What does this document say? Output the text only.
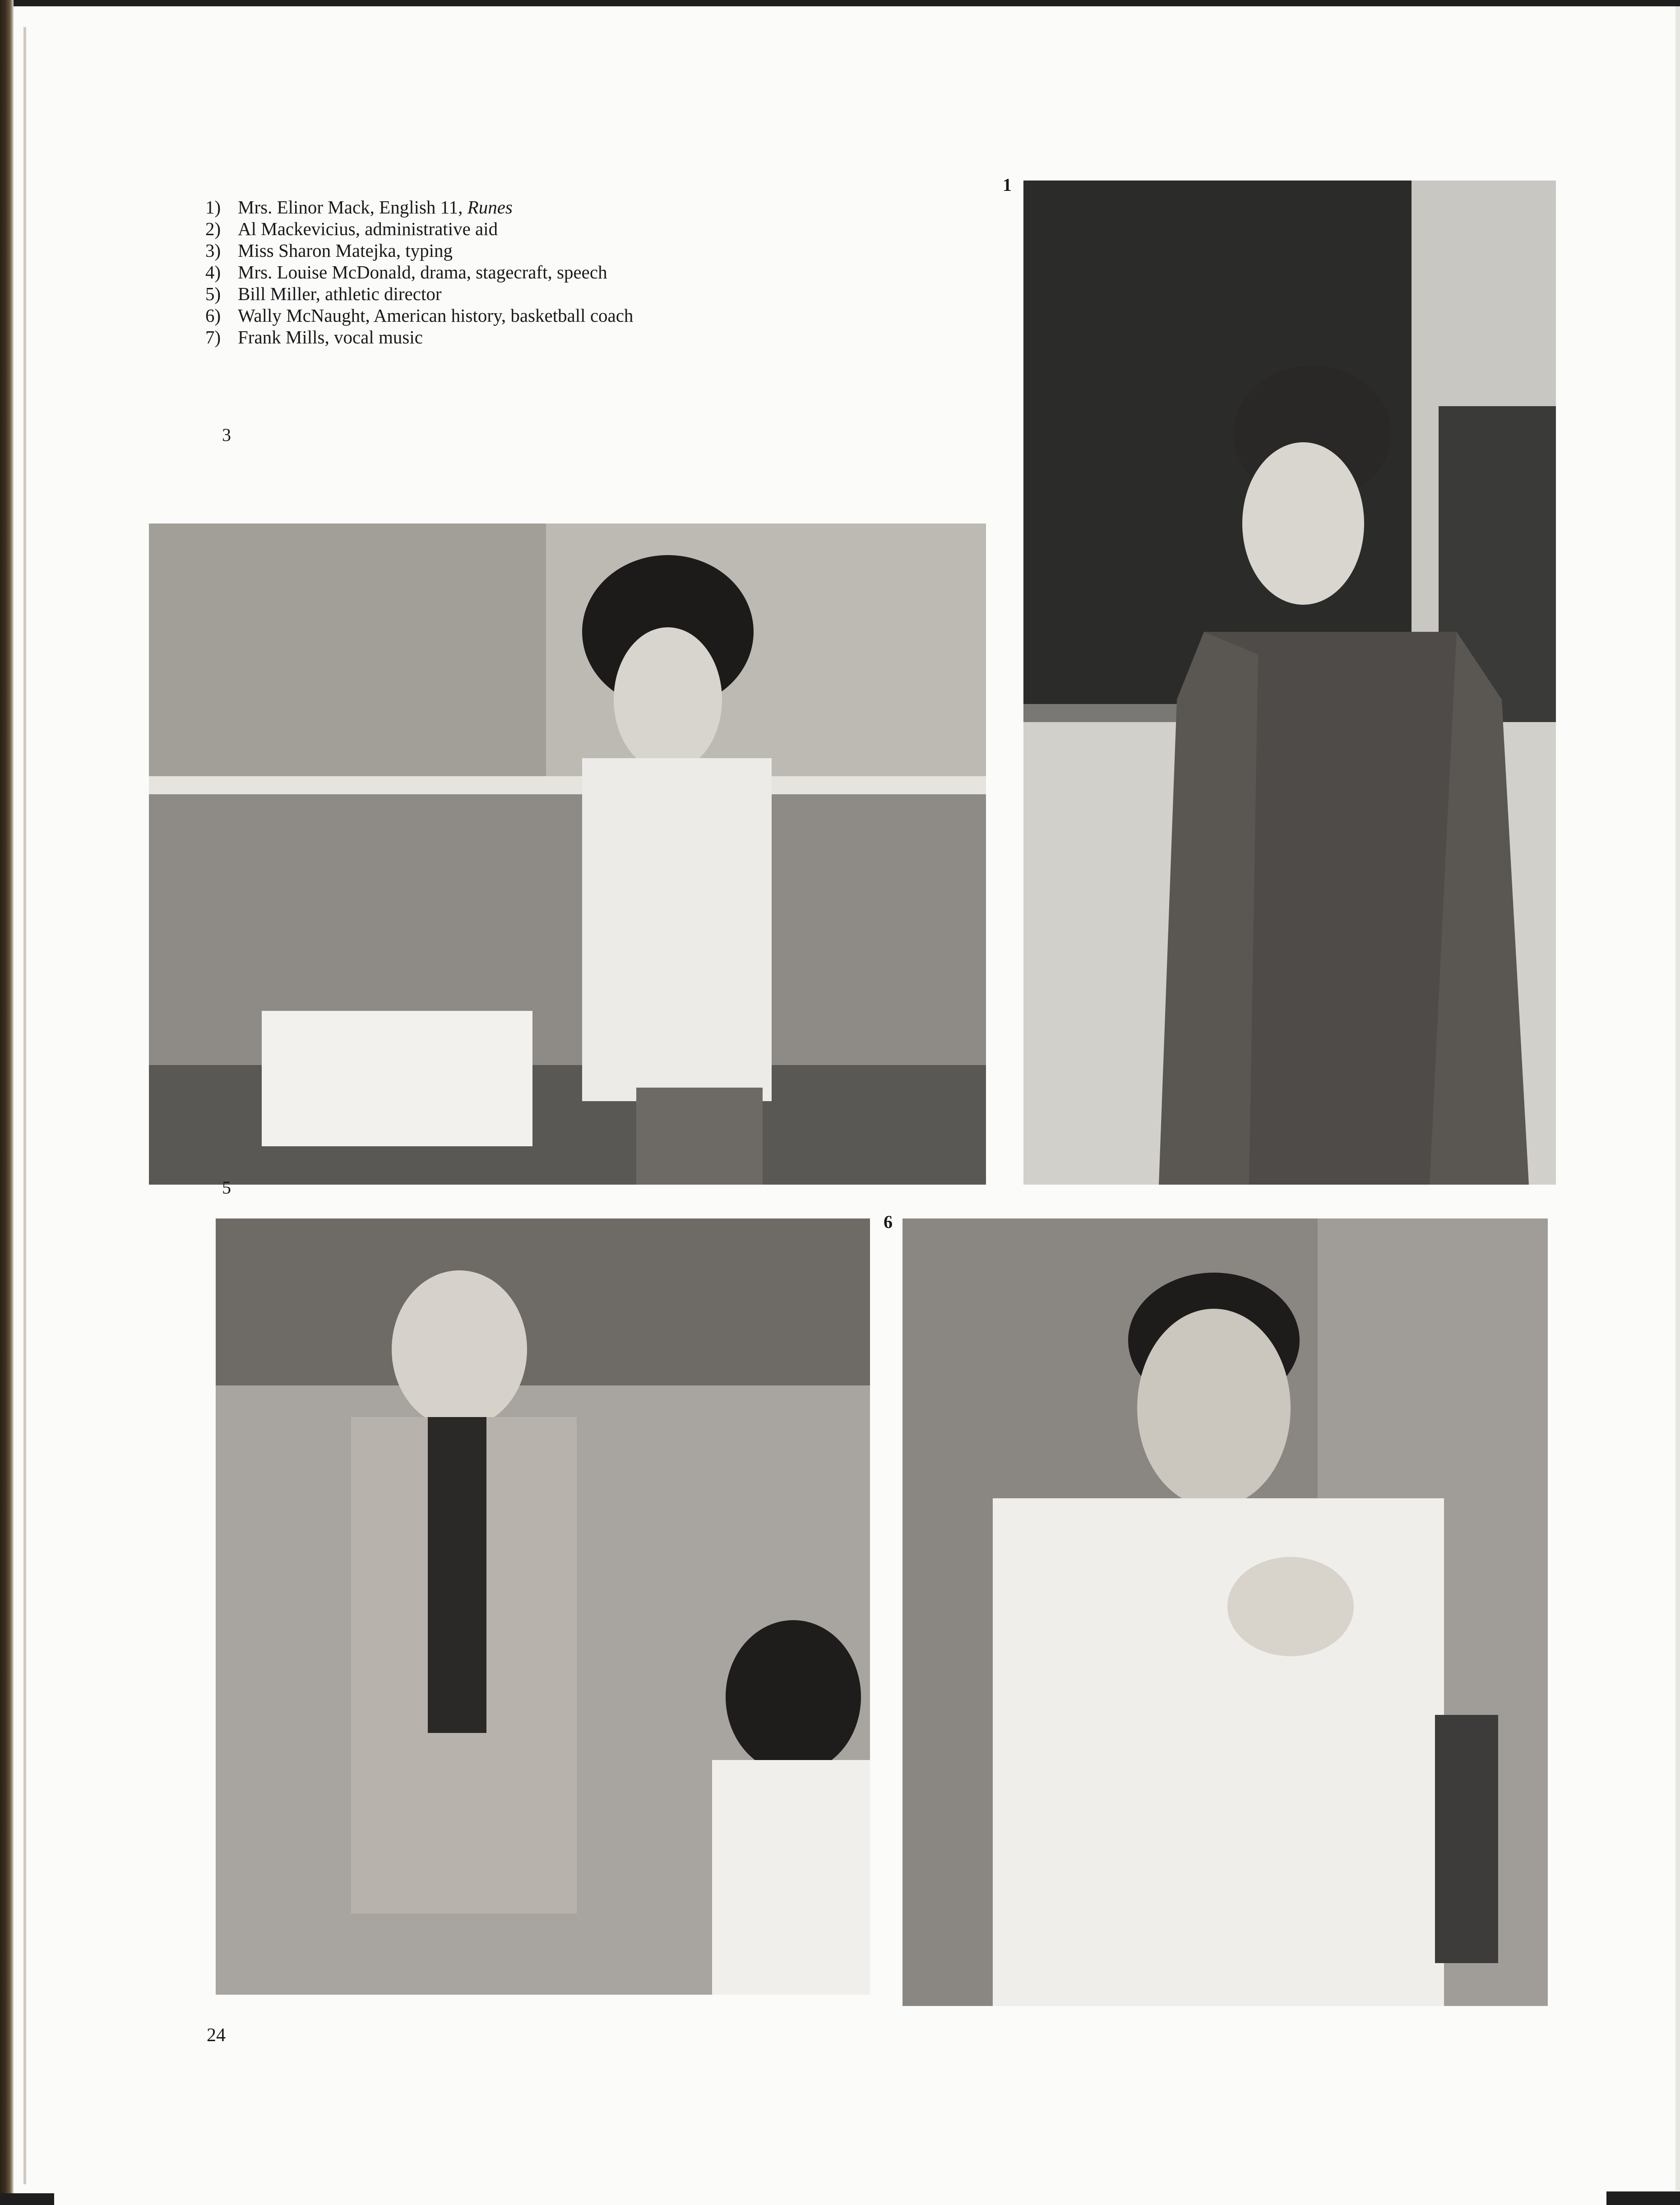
1) Mrs. Elinor Mack, English 11, Runes
2) Al Mackevicius, administrative aid
3) Miss Sharon Matejka, typing
4) Mrs. Louise McDonald, drama, stagecraft, speech
5) Bill Miller, athletic director
6) Wally McNaught, American history, basketball coach
7) Frank Mills, vocal music
1
3
5
6
24
